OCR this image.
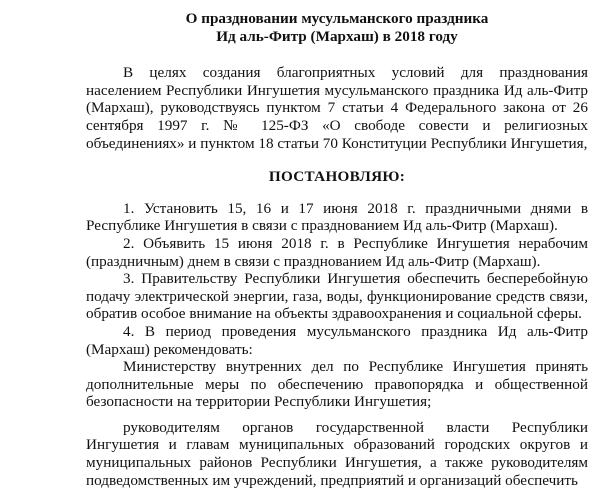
О праздновании мусульманского праздника
Ид аль-Фитр (Мархаш) в 2018 году

В целях создания благоприятных условий для празднования населением Республики Ингушетия мусульманского праздника Ид аль-Фитр (Мархаш), руководствуясь пунктом 7 статьи 4 Федерального закона от 26 сентября 1997 г. № 125-ФЗ «О свободе совести и религиозных объединениях» и пунктом 18 статьи 70 Конституции Республики Ингушетия,

ПОСТАНОВЛЯЮ:

1. Установить 15, 16 и 17 июня 2018 г. праздничными днями в Республике Ингушетия в связи с празднованием Ид аль-Фитр (Мархаш).

2. Объявить 15 июня 2018 г. в Республике Ингушетия нерабочим (праздничным) днем в связи с празднованием Ид аль-Фитр (Мархаш).

3. Правительству Республики Ингушетия обеспечить бесперебойную подачу электрической энергии, газа, воды, функционирование средств связи, обратив особое внимание на объекты здравоохранения и социальной сферы.

4. В период проведения мусульманского праздника Ид аль-Фитр (Мархаш) рекомендовать:

Министерству внутренних дел по Республике Ингушетия принять дополнительные меры по обеспечению правопорядка и общественной безопасности на территории Республики Ингушетия;

руководителям органов государственной власти Республики Ингушетия и главам муниципальных образований городских округов и муниципальных районов Республики Ингушетия, а также руководителям подведомственных им учреждений, предприятий и организаций обеспечить
